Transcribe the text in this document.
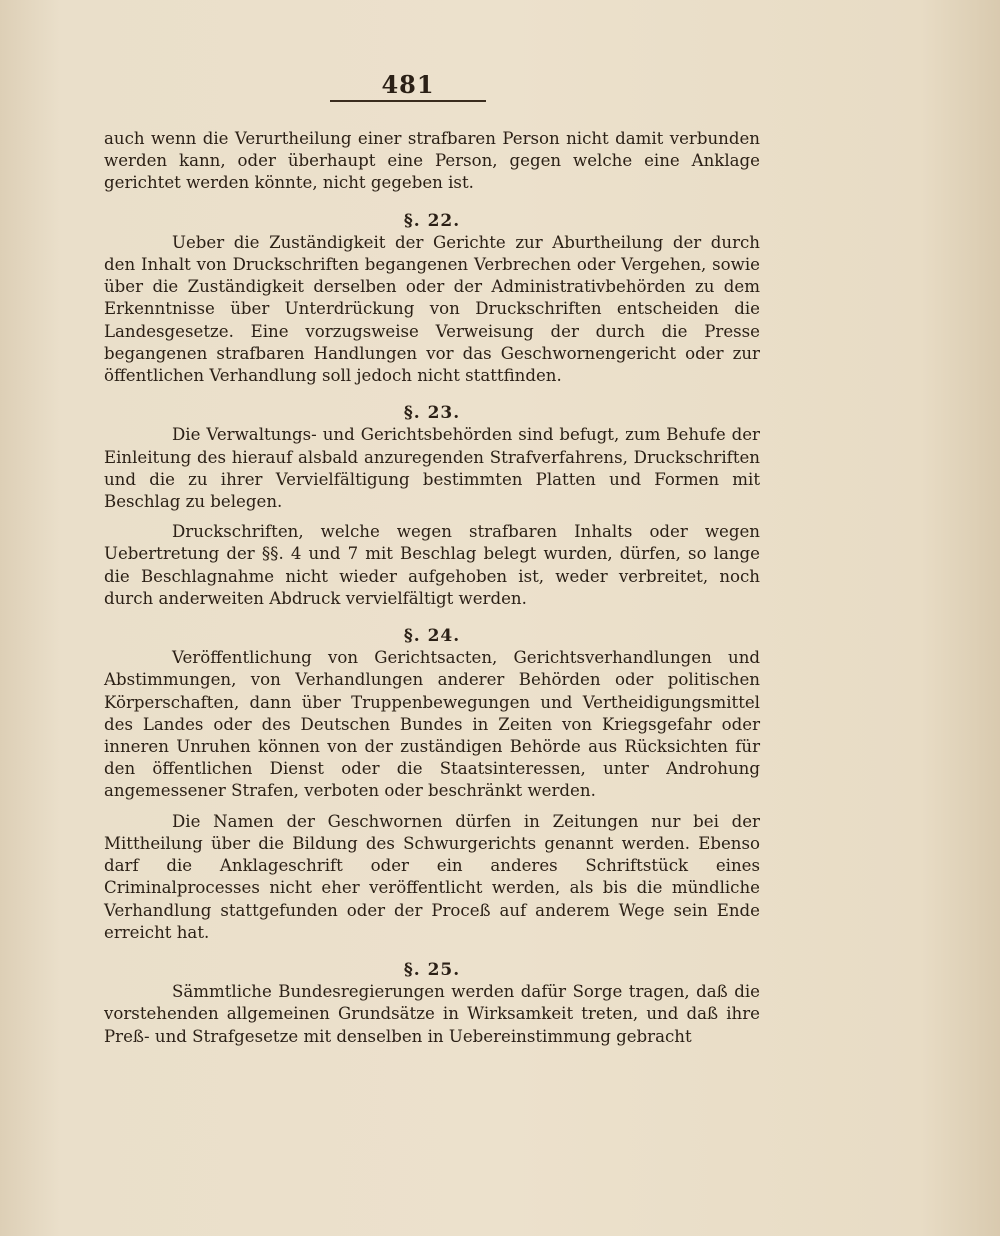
481

auch wenn die Verurtheilung einer strafbaren Person nicht damit verbunden werden kann, oder überhaupt eine Person, gegen welche eine Anklage gerichtet werden könnte, nicht gegeben ist.

§. 22.

Ueber die Zuständigkeit der Gerichte zur Aburtheilung der durch den Inhalt von Druckschriften begangenen Verbrechen oder Vergehen, sowie über die Zuständigkeit derselben oder der Administrativbehörden zu dem Erkenntnisse über Unterdrückung von Druckschriften entscheiden die Landesgesetze. Eine vorzugsweise Verweisung der durch die Presse begangenen strafbaren Handlungen vor das Geschwornengericht oder zur öffentlichen Verhandlung soll jedoch nicht stattfinden.

§. 23.

Die Verwaltungs- und Gerichtsbehörden sind befugt, zum Behufe der Einleitung des hierauf alsbald anzuregenden Strafverfahrens, Druckschriften und die zu ihrer Vervielfältigung bestimmten Platten und Formen mit Beschlag zu belegen.

Druckschriften, welche wegen strafbaren Inhalts oder wegen Uebertretung der §§. 4 und 7 mit Beschlag belegt wurden, dürfen, so lange die Beschlagnahme nicht wieder aufgehoben ist, weder verbreitet, noch durch anderweiten Abdruck vervielfältigt werden.

§. 24.

Veröffentlichung von Gerichtsacten, Gerichtsverhandlungen und Abstimmungen, von Verhandlungen anderer Behörden oder politischen Körperschaften, dann über Truppenbewegungen und Vertheidigungsmittel des Landes oder des Deutschen Bundes in Zeiten von Kriegsgefahr oder inneren Unruhen können von der zuständigen Behörde aus Rücksichten für den öffentlichen Dienst oder die Staatsinteressen, unter Androhung angemessener Strafen, verboten oder beschränkt werden.

Die Namen der Geschwornen dürfen in Zeitungen nur bei der Mittheilung über die Bildung des Schwurgerichts genannt werden. Ebenso darf die Anklageschrift oder ein anderes Schriftstück eines Criminalprocesses nicht eher veröffentlicht werden, als bis die mündliche Verhandlung stattgefunden oder der Proceß auf anderem Wege sein Ende erreicht hat.

§. 25.

Sämmtliche Bundesregierungen werden dafür Sorge tragen, daß die vorstehenden allgemeinen Grundsätze in Wirksamkeit treten, und daß ihre Preß- und Strafgesetze mit denselben in Uebereinstimmung gebracht
